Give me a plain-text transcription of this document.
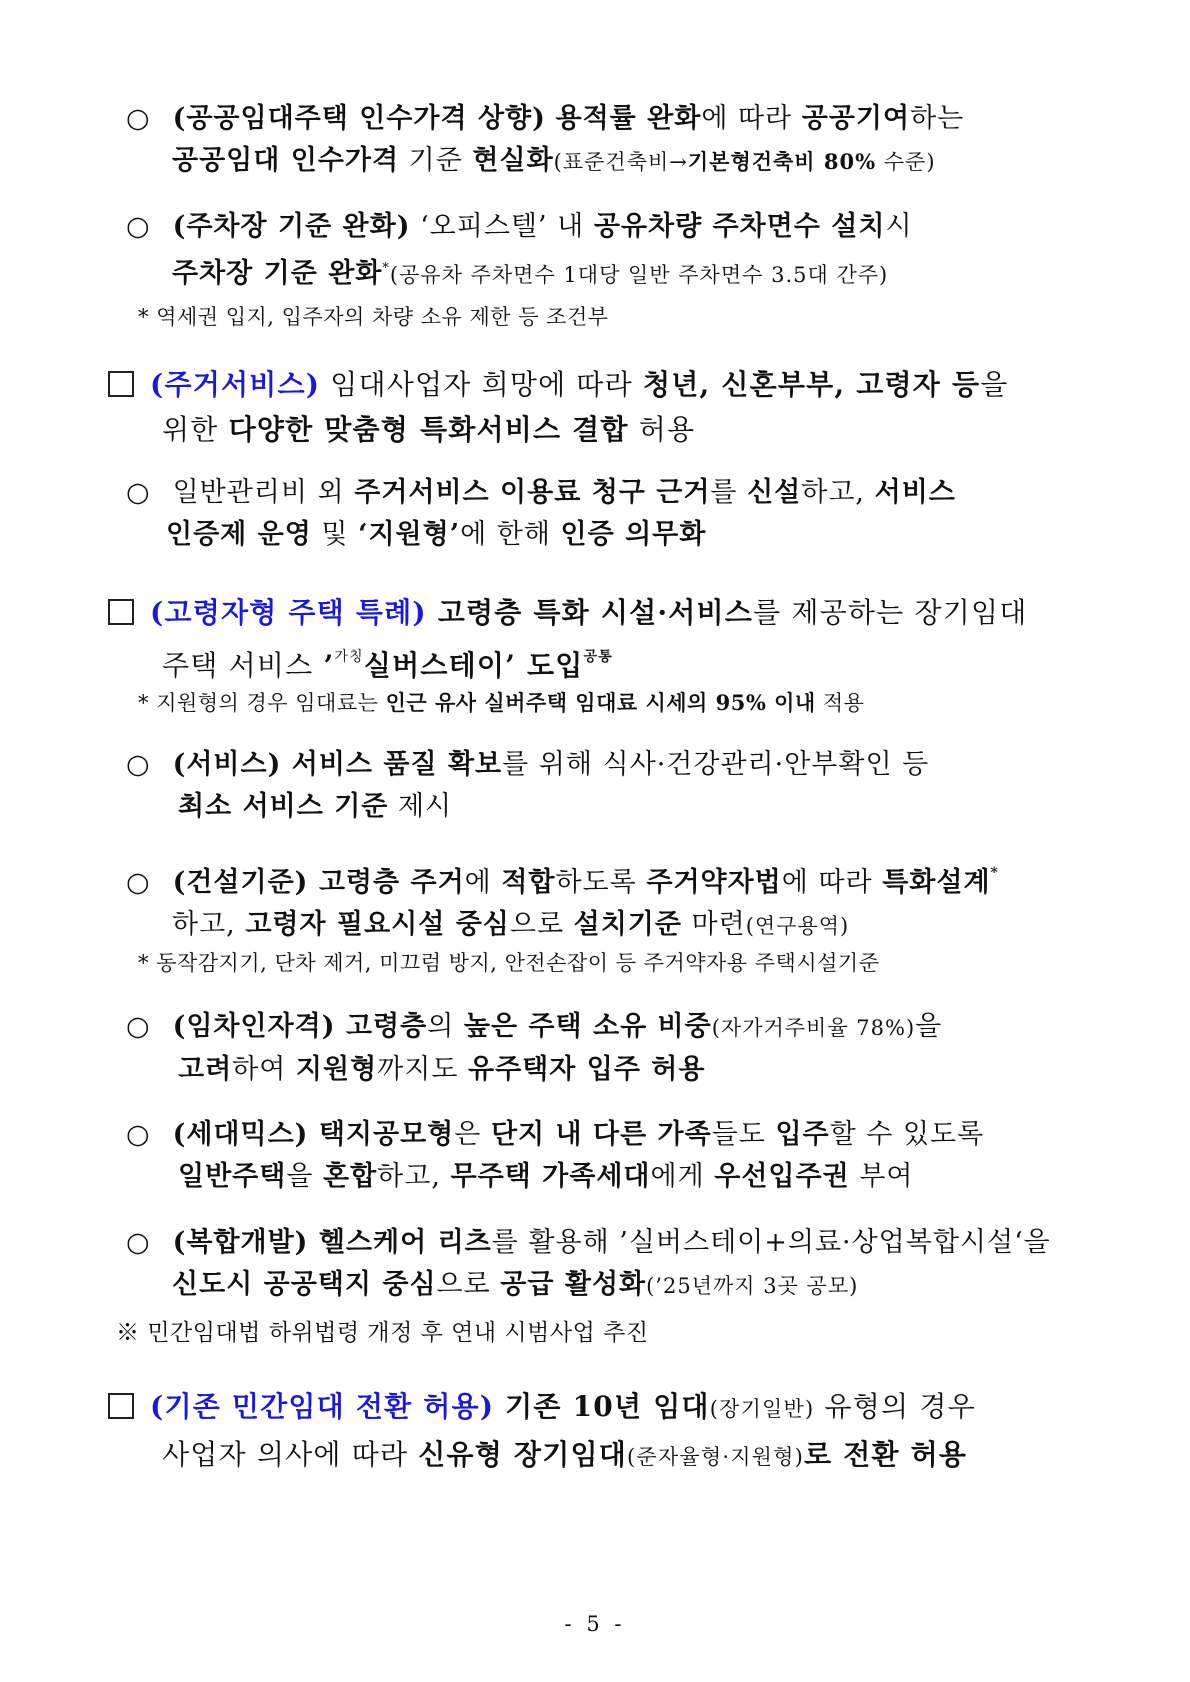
○ (공공임대주택 인수가격 상향) 용적률 완화에 따라 공공기여하는
공공임대 인수가격 기준 현실화(표준건축비→기본형건축비 80% 수준)
○ (주차장 기준 완화) ‘오피스텔’ 내 공유차량 주차면수 설치시
주차장 기준 완화*(공유차 주차면수 1대당 일반 주차면수 3.5대 간주)
* 역세권 입지, 입주자의 차량 소유 제한 등 조건부
(주거서비스) 임대사업자 희망에 따라 청년, 신혼부부, 고령자 등을
위한 다양한 맞춤형 특화서비스 결합 허용
○ 일반관리비 외 주거서비스 이용료 청구 근거를 신설하고, 서비스
인증제 운영 및 ‘지원형’에 한해 인증 의무화
(고령자형 주택 특례) 고령층 특화 시설·서비스를 제공하는 장기임대
주택 서비스 ’$^{가칭}$실버스테이’ 도입$^{공통}$
* 지원형의 경우 임대료는 인근 유사 실버주택 임대료 시세의 95% 이내 적용
○ (서비스) 서비스 품질 확보를 위해 식사·건강관리·안부확인 등
최소 서비스 기준 제시
○ (건설기준) 고령층 주거에 적합하도록 주거약자법에 따라 특화설계*
하고, 고령자 필요시설 중심으로 설치기준 마련(연구용역)
* 동작감지기, 단차 제거, 미끄럼 방지, 안전손잡이 등 주거약자용 주택시설기준
○ (임차인자격) 고령층의 높은 주택 소유 비중(자가거주비율 78%)을
고려하여 지원형까지도 유주택자 입주 허용
○ (세대믹스) 택지공모형은 단지 내 다른 가족들도 입주할 수 있도록
일반주택을 혼합하고, 무주택 가족세대에게 우선입주권 부여
○ (복합개발) 헬스케어 리츠를 활용해 ’실버스테이+의료·상업복합시설‘을
신도시 공공택지 중심으로 공급 활성화(’25년까지 3곳 공모)
※ 민간임대법 하위법령 개정 후 연내 시범사업 추진
(기존 민간임대 전환 허용) 기존 10년 임대(장기일반) 유형의 경우
사업자 의사에 따라 신유형 장기임대(준자율형·지원형)로 전환 허용
- 5 -
